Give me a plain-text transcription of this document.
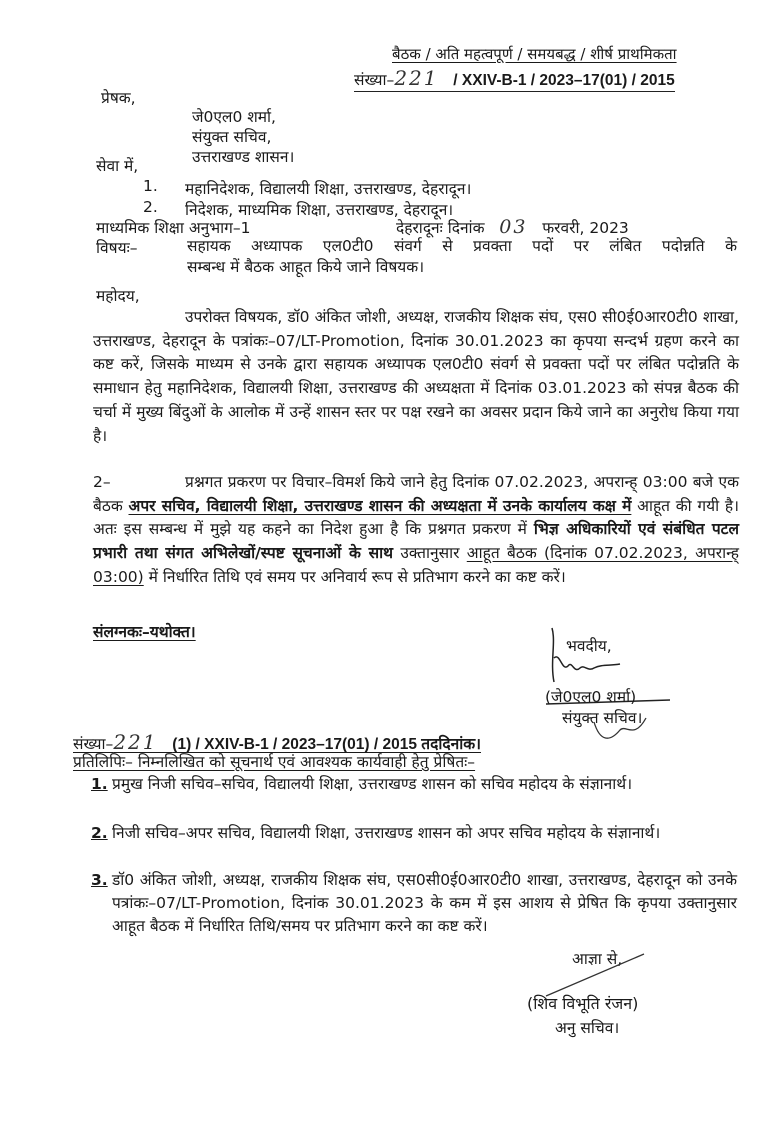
बैठक / अति महत्वपूर्ण / समयबद्ध / शीर्ष प्राथमिकता
संख्या–221 / XXIV-B-1 / 2023–17(01) / 2015
प्रेषक,
जे0एल0 शर्मा,
संयुक्त सचिव,
उत्तराखण्ड शासन।
सेवा में,
1. महानिदेशक, विद्यालयी शिक्षा, उत्तराखण्ड, देहरादून।
2. निदेशक, माध्यमिक शिक्षा, उत्तराखण्ड, देहरादून।
माध्यमिक शिक्षा अनुभाग–1	देहरादूनः दिनांक 03 फरवरी, 2023
विषयः–	सहायक अध्यापक एल0टी0 संवर्ग से प्रवक्ता पदों पर लंबित पदोन्नति के
सम्बन्ध में बैठक आहूत किये जाने विषयक।
महोदय,
उपरोक्त विषयक, डॉ0 अंकित जोशी, अध्यक्ष, राजकीय शिक्षक संघ, एस0 सी0ई0आर0टी0 शाखा, उत्तराखण्ड, देहरादून के पत्रांकः–07/LT-Promotion, दिनांक 30.01.2023 का कृपया सन्दर्भ ग्रहण करने का कष्ट करें, जिसके माध्यम से उनके द्वारा सहायक अध्यापक एल0टी0 संवर्ग से प्रवक्ता पदों पर लंबित पदोन्नति के समाधान हेतु महानिदेशक, विद्यालयी शिक्षा, उत्तराखण्ड की अध्यक्षता में दिनांक 03.01.2023 को संपन्न बैठक की चर्चा में मुख्य बिंदुओं के आलोक में उन्हें शासन स्तर पर पक्ष रखने का अवसर प्रदान किये जाने का अनुरोध किया गया है।
2–	प्रश्नगत प्रकरण पर विचार–विमर्श किये जाने हेतु दिनांक 07.02.2023, अपरान्ह् 03:00 बजे एक बैठक अपर सचिव, विद्यालयी शिक्षा, उत्तराखण्ड शासन की अध्यक्षता में उनके कार्यालय कक्ष में आहूत की गयी है। अतः इस सम्बन्ध में मुझे यह कहने का निदेश हुआ है कि प्रश्नगत प्रकरण में भिज्ञ अधिकारियों एवं संबंधित पटल प्रभारी तथा संगत अभिलेखों/स्पष्ट सूचनाओं के साथ उक्तानुसार आहूत बैठक (दिनांक 07.02.2023, अपरान्ह् 03:00) में निर्धारित तिथि एवं समय पर अनिवार्य रूप से प्रतिभाग करने का कष्ट करें।
संलग्नकः–यथोक्त।
भवदीय,
(जे0एल0 शर्मा)
संयुक्त सचिव।
संख्या–221 (1) / XXIV-B-1 / 2023–17(01) / 2015 तददिनांक।
प्रतिलिपिः– निम्नलिखित को सूचनार्थ एवं आवश्यक कार्यवाही हेतु प्रेषितः–
1. प्रमुख निजी सचिव–सचिव, विद्यालयी शिक्षा, उत्तराखण्ड शासन को सचिव महोदय के संज्ञानार्थ।
2. निजी सचिव–अपर सचिव, विद्यालयी शिक्षा, उत्तराखण्ड शासन को अपर सचिव महोदय के संज्ञानार्थ।
3. डॉ0 अंकित जोशी, अध्यक्ष, राजकीय शिक्षक संघ, एस0सी0ई0आर0टी0 शाखा, उत्तराखण्ड, देहरादून को उनके पत्रांकः–07/LT-Promotion, दिनांक 30.01.2023 के कम में इस आशय से प्रेषित कि कृपया उक्तानुसार आहूत बैठक में निर्धारित तिथि/समय पर प्रतिभाग करने का कष्ट करें।
आज्ञा से,
(शिव विभूति रंजन)
अनु सचिव।
